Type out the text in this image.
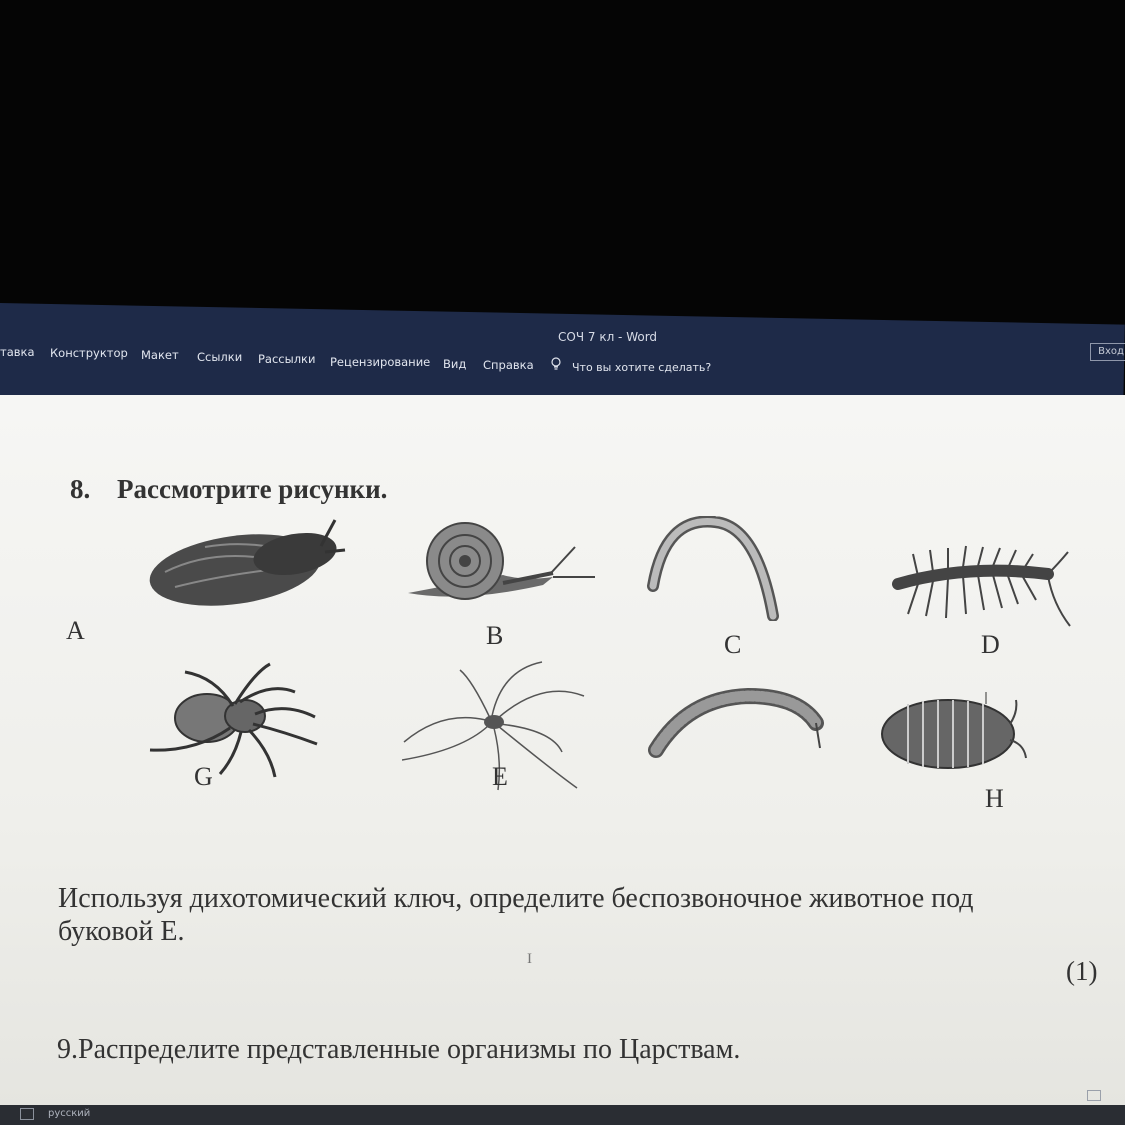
СОЧ 7 кл - Word
тавка Конструктор Макет Ссылки Рассылки Рецензирование Вид Справка	Что вы хотите сделать?
Вход
8. Рассмотрите рисунки.
A	B	C	D
G	E
H
Используя дихотомический ключ, определите беспозвоночное животное под буковой E.
I	(1)
9.Распределите представленные организмы по Царствам.
русский
